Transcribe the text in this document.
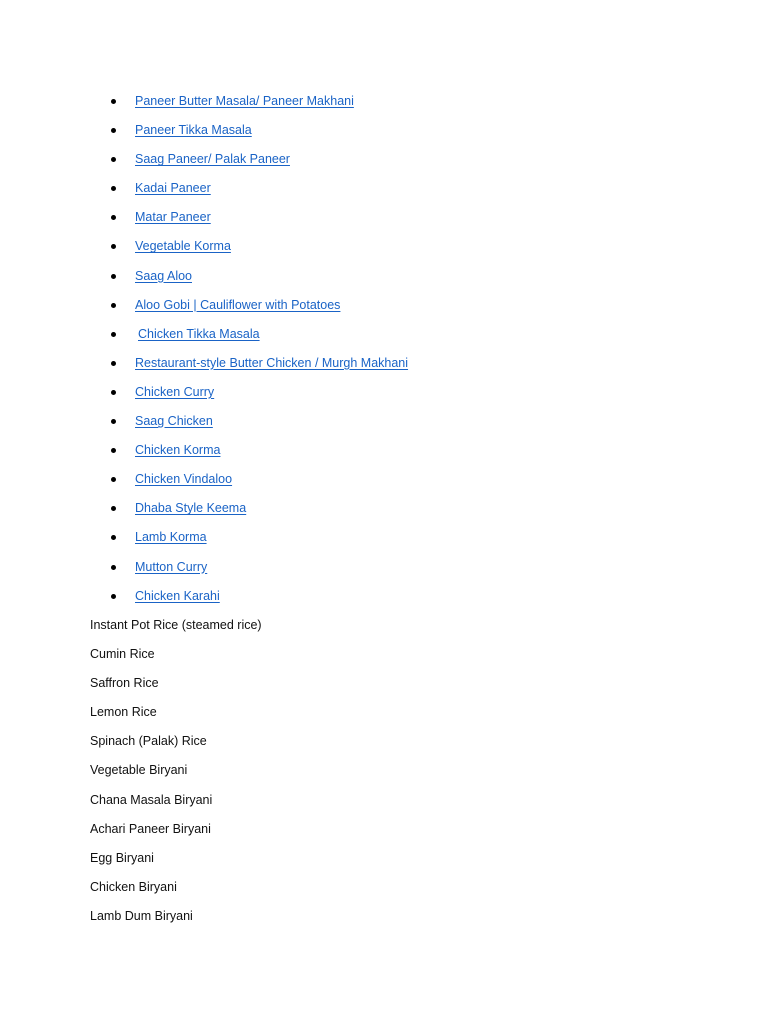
Paneer Butter Masala/ Paneer Makhani
Paneer Tikka Masala
Saag Paneer/ Palak Paneer
Kadai Paneer
Matar Paneer
Vegetable Korma
Saag Aloo
Aloo Gobi | Cauliflower with Potatoes
Chicken Tikka Masala
Restaurant-style Butter Chicken / Murgh Makhani
Chicken Curry
Saag Chicken
Chicken Korma
Chicken Vindaloo
Dhaba Style Keema
Lamb Korma
Mutton Curry
Chicken Karahi
Instant Pot Rice (steamed rice)
Cumin Rice
Saffron Rice
Lemon Rice
Spinach (Palak) Rice
Vegetable Biryani
Chana Masala Biryani
Achari Paneer Biryani
Egg Biryani
Chicken Biryani
Lamb Dum Biryani
